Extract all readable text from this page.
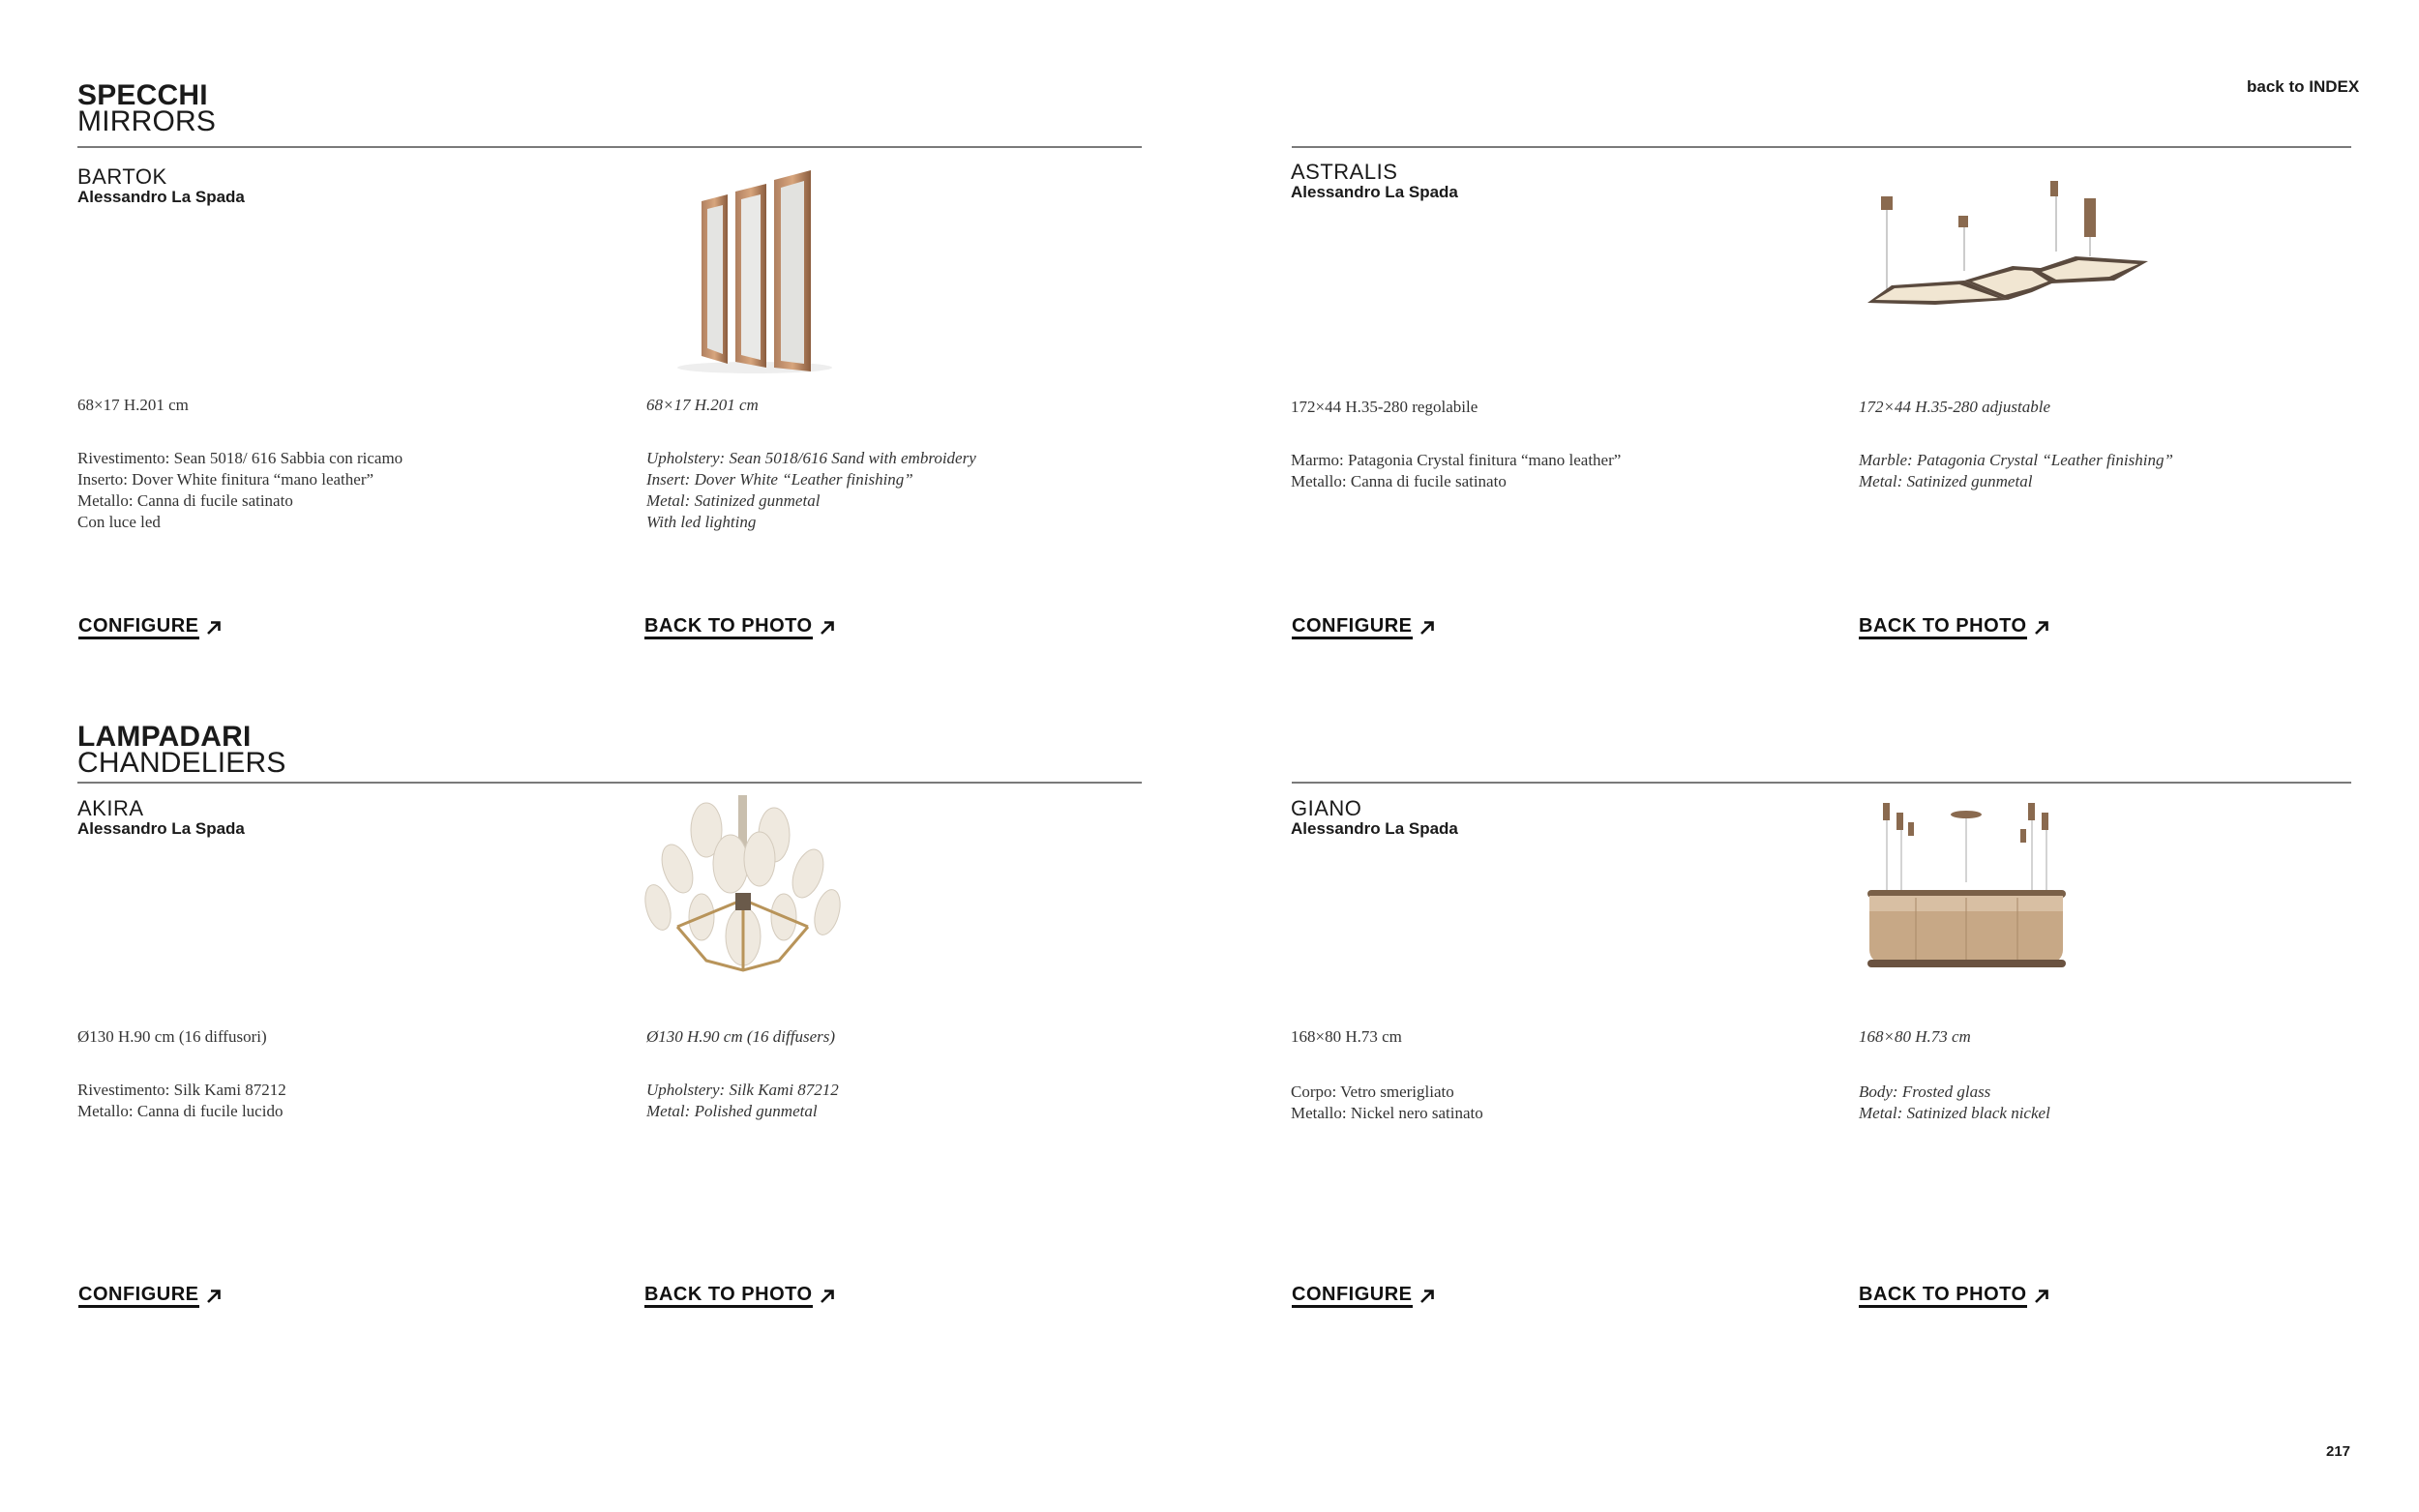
back to INDEX
SPECCHI
MIRRORS
BARTOK
Alessandro La Spada
68×17 H.201 cm	68×17 H.201 cm
Rivestimento: Sean 5018/ 616 Sabbia con ricamo
Inserto: Dover White finitura “mano leather”
Metallo: Canna di fucile satinato
Con luce led
Upholstery: Sean 5018/616 Sand with embroidery
Insert: Dover White “Leather finishing”
Metal: Satinized gunmetal
With led lighting
CONFIGURE	BACK TO PHOTO
ASTRALIS
Alessandro La Spada
172×44 H.35-280 regolabile	172×44 H.35-280 adjustable
Marmo: Patagonia Crystal finitura “mano leather”
Metallo: Canna di fucile satinato
Marble: Patagonia Crystal “Leather finishing”
Metal: Satinized gunmetal
CONFIGURE	BACK TO PHOTO
LAMPADARI
CHANDELIERS
AKIRA
Alessandro La Spada
Ø130 H.90 cm (16 diffusori)	Ø130 H.90 cm (16 diffusers)
Rivestimento: Silk Kami 87212
Metallo: Canna di fucile lucido
Upholstery: Silk Kami 87212
Metal: Polished gunmetal
CONFIGURE	BACK TO PHOTO
GIANO
Alessandro La Spada
168×80 H.73 cm	168×80 H.73 cm
Corpo: Vetro smerigliato
Metallo: Nickel nero satinato
Body: Frosted glass
Metal: Satinized black nickel
CONFIGURE	BACK TO PHOTO
217
